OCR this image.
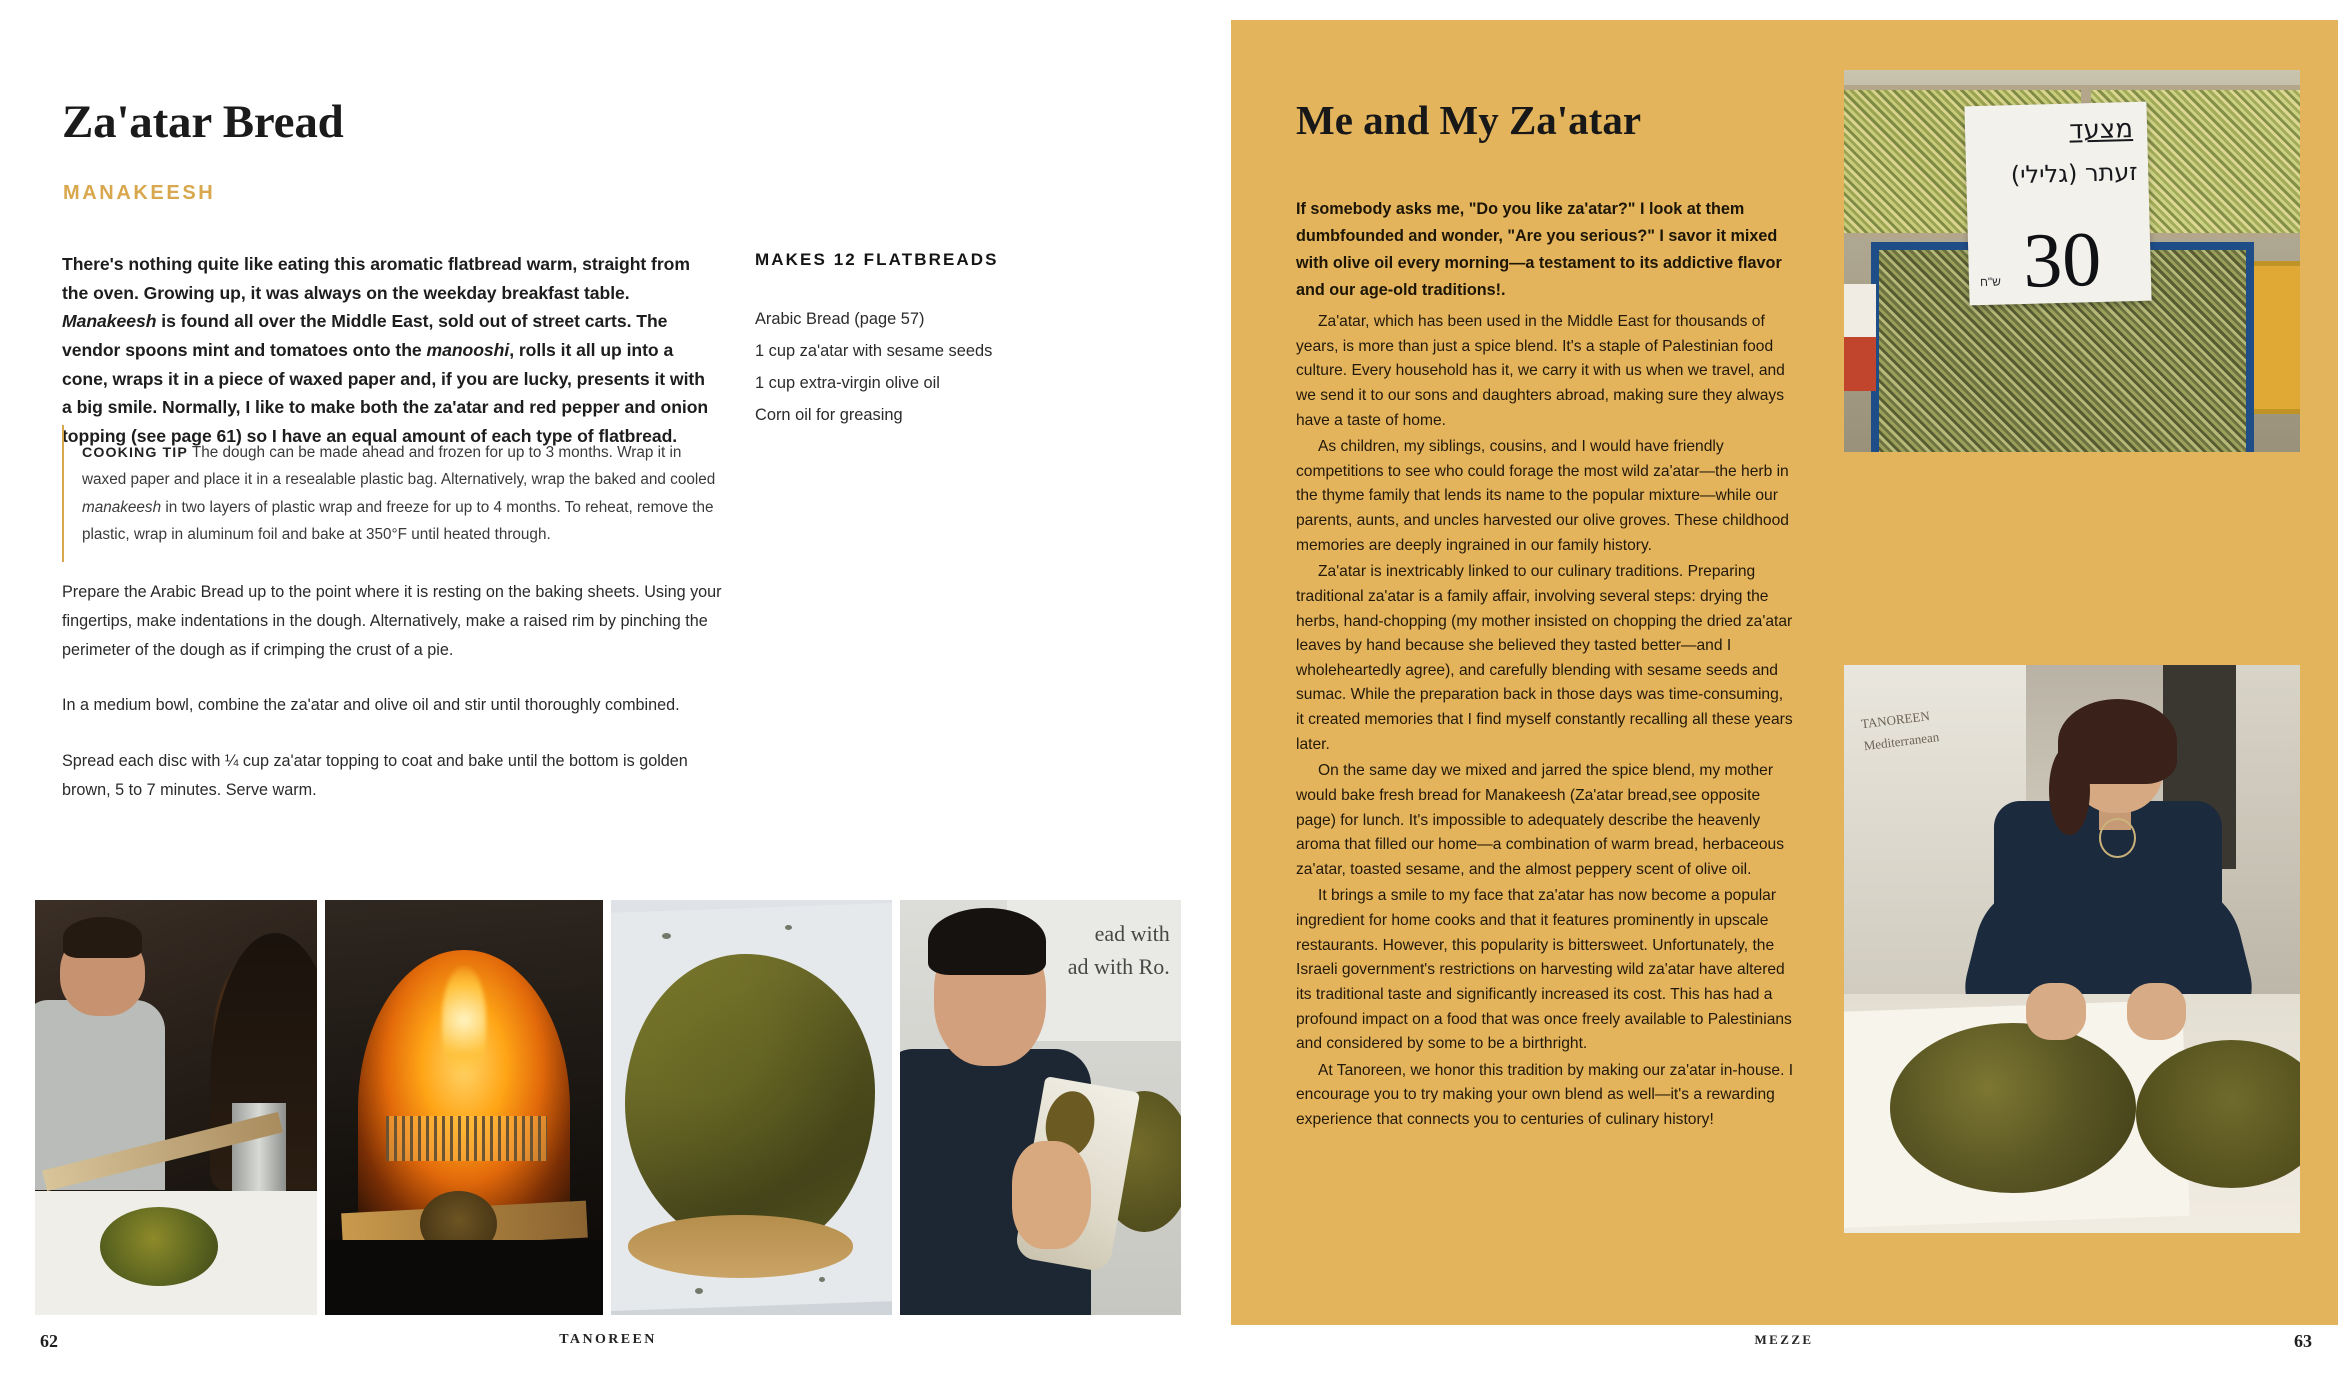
Za'atar Bread
MANAKEESH
There's nothing quite like eating this aromatic flatbread warm, straight from the oven. Growing up, it was always on the weekday breakfast table. Manakeesh is found all over the Middle East, sold out of street carts. The vendor spoons mint and tomatoes onto the manooshi, rolls it all up into a cone, wraps it in a piece of waxed paper and, if you are lucky, presents it with a big smile. Normally, I like to make both the za'atar and red pepper and onion topping (see page 61) so I have an equal amount of each type of flatbread.
COOKING TIP The dough can be made ahead and frozen for up to 3 months. Wrap it in waxed paper and place it in a resealable plastic bag. Alternatively, wrap the baked and cooled manakeesh in two layers of plastic wrap and freeze for up to 4 months. To reheat, remove the plastic, wrap in aluminum foil and bake at 350°F until heated through.

Prepare the Arabic Bread up to the point where it is resting on the baking sheets. Using your fingertips, make indentations in the dough. Alternatively, make a raised rim by pinching the perimeter of the dough as if crimping the crust of a pie.

In a medium bowl, combine the za'atar and olive oil and stir until thoroughly combined.

Spread each disc with ¼ cup za'atar topping to coat and bake until the bottom is golden brown, 5 to 7 minutes. Serve warm.

MAKES 12 FLATBREADS
Arabic Bread (page 57)
1 cup za'atar with sesame seeds
1 cup extra-virgin olive oil
Corn oil for greasing
ead with
ad with Ro.
62	TANOREEN
Me and My Za'atar
If somebody asks me, "Do you like za'atar?" I look at them dumbfounded and wonder, "Are you serious?" I savor it mixed with olive oil every morning—a testament to its addictive flavor and our age-old traditions!.

Za'atar, which has been used in the Middle East for thousands of years, is more than just a spice blend. It's a staple of Palestinian food culture. Every household has it, we carry it with us when we travel, and we send it to our sons and daughters abroad, making sure they always have a taste of home.

As children, my siblings, cousins, and I would have friendly competitions to see who could forage the most wild za'atar—the herb in the thyme family that lends its name to the popular mixture—while our parents, aunts, and uncles harvested our olive groves. These childhood memories are deeply ingrained in our family history.

Za'atar is inextricably linked to our culinary traditions. Preparing traditional za'atar is a family affair, involving several steps: drying the herbs, hand-chopping (my mother insisted on chopping the dried za'atar leaves by hand because she believed they tasted better—and I wholeheartedly agree), and carefully blending with sesame seeds and sumac. While the preparation back in those days was time-consuming, it created memories that I find myself constantly recalling all these years later.

On the same day we mixed and jarred the spice blend, my mother would bake fresh bread for Manakeesh (Za'atar bread,see opposite page) for lunch. It's impossible to adequately describe the heavenly aroma that filled our home—a combination of warm bread, herbaceous za'atar, toasted sesame, and the almost peppery scent of olive oil.

It brings a smile to my face that za'atar has now become a popular ingredient for home cooks and that it features prominently in upscale restaurants. However, this popularity is bittersweet. Unfortunately, the Israeli government's restrictions on harvesting wild za'atar have altered its traditional taste and significantly increased its cost. This has had a profound impact on a food that was once freely available to Palestinians and considered by some to be a birthright.

At Tanoreen, we honor this tradition by making our za'atar in-house. I encourage you to try making your own blend as well—it's a rewarding experience that connects you to centuries of culinary history!

מצעד
זעתר (גלילי)
ש"ח 30
TANOREEN
Mediterranean
63
MEZZE
